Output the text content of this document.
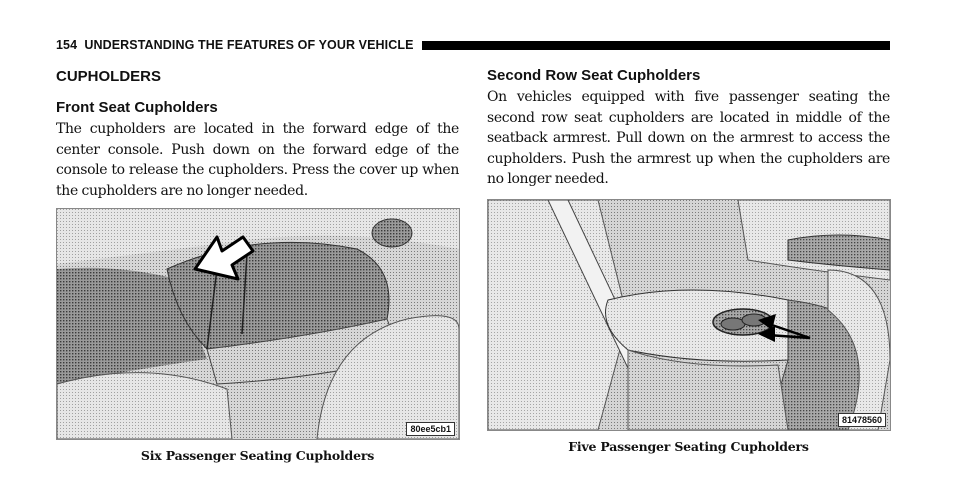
154 UNDERSTANDING THE FEATURES OF YOUR VEHICLE
CUPHOLDERS
Front Seat Cupholders

The cupholders are located in the forward edge of the center console. Push down on the forward edge of the console to release the cupholders. Press the cover up when the cupholders are no longer needed.

80ee5cb1
Six Passenger Seating Cupholders
Second Row Seat Cupholders

On vehicles equipped with five passenger seating the second row seat cupholders are located in middle of the seatback armrest. Pull down on the armrest to access the cupholders. Push the armrest up when the cupholders are no longer needed.

81478560
Five Passenger Seating Cupholders
